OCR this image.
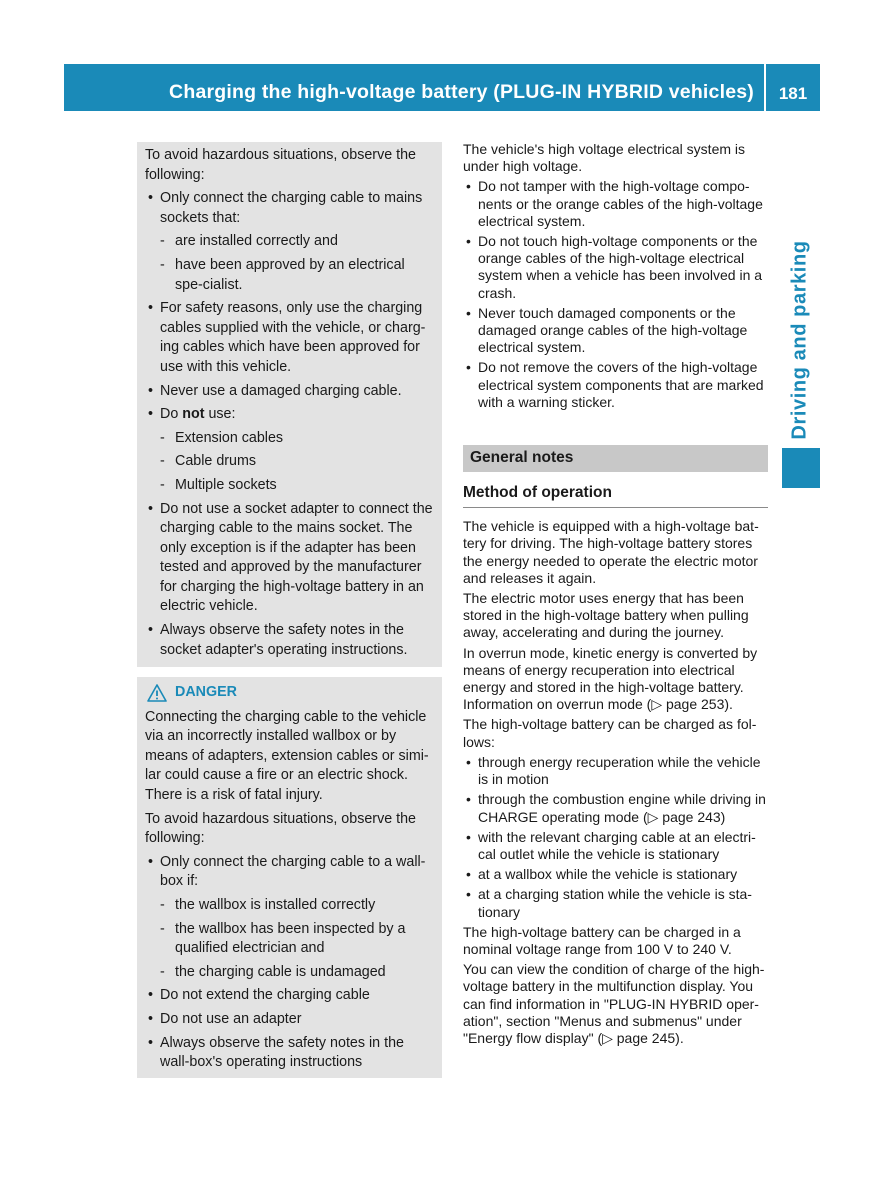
Charging the high-voltage battery (PLUG-IN HYBRID vehicles)	181
Driving and parking

To avoid hazardous situations, observe the following:

• Only connect the charging cable to mains sockets that:
- are installed correctly and
- have been approved by an electrical spe-cialist.
• For safety reasons, only use the charging cables supplied with the vehicle, or charg-ing cables which have been approved for use with this vehicle.
• Never use a damaged charging cable.
• Do not use:
- Extension cables
- Cable drums
- Multiple sockets
• Do not use a socket adapter to connect the charging cable to the mains socket. The only exception is if the adapter has been tested and approved by the manufacturer for charging the high-voltage battery in an electric vehicle.
• Always observe the safety notes in the socket adapter's operating instructions.
DANGER

Connecting the charging cable to the vehicle via an incorrectly installed wallbox or by means of adapters, extension cables or simi-lar could cause a fire or an electric shock. There is a risk of fatal injury.

To avoid hazardous situations, observe the following:

• Only connect the charging cable to a wall-box if:
- the wallbox is installed correctly
- the wallbox has been inspected by a qualified electrician and
- the charging cable is undamaged
• Do not extend the charging cable
• Do not use an adapter
• Always observe the safety notes in the wall-box's operating instructions

The vehicle's high voltage electrical system is under high voltage.

• Do not tamper with the high-voltage compo-nents or the orange cables of the high-voltage electrical system.
• Do not touch high-voltage components or the orange cables of the high-voltage electrical system when a vehicle has been involved in a crash.
• Never touch damaged components or the damaged orange cables of the high-voltage electrical system.
• Do not remove the covers of the high-voltage electrical system components that are marked with a warning sticker.
General notes
Method of operation

The vehicle is equipped with a high-voltage bat-tery for driving. The high-voltage battery stores the energy needed to operate the electric motor and releases it again.

The electric motor uses energy that has been stored in the high-voltage battery when pulling away, accelerating and during the journey.

In overrun mode, kinetic energy is converted by means of energy recuperation into electrical energy and stored in the high-voltage battery. Information on overrun mode (▷ page 253).

The high-voltage battery can be charged as fol-lows:

• through energy recuperation while the vehicle is in motion
• through the combustion engine while driving in CHARGE operating mode (▷ page 243)
• with the relevant charging cable at an electri-cal outlet while the vehicle is stationary
• at a wallbox while the vehicle is stationary
• at a charging station while the vehicle is sta-tionary

The high-voltage battery can be charged in a nominal voltage range from 100 V to 240 V.

You can view the condition of charge of the high-voltage battery in the multifunction display. You can find information in "PLUG-IN HYBRID oper-ation", section "Menus and submenus" under "Energy flow display" (▷ page 245).
